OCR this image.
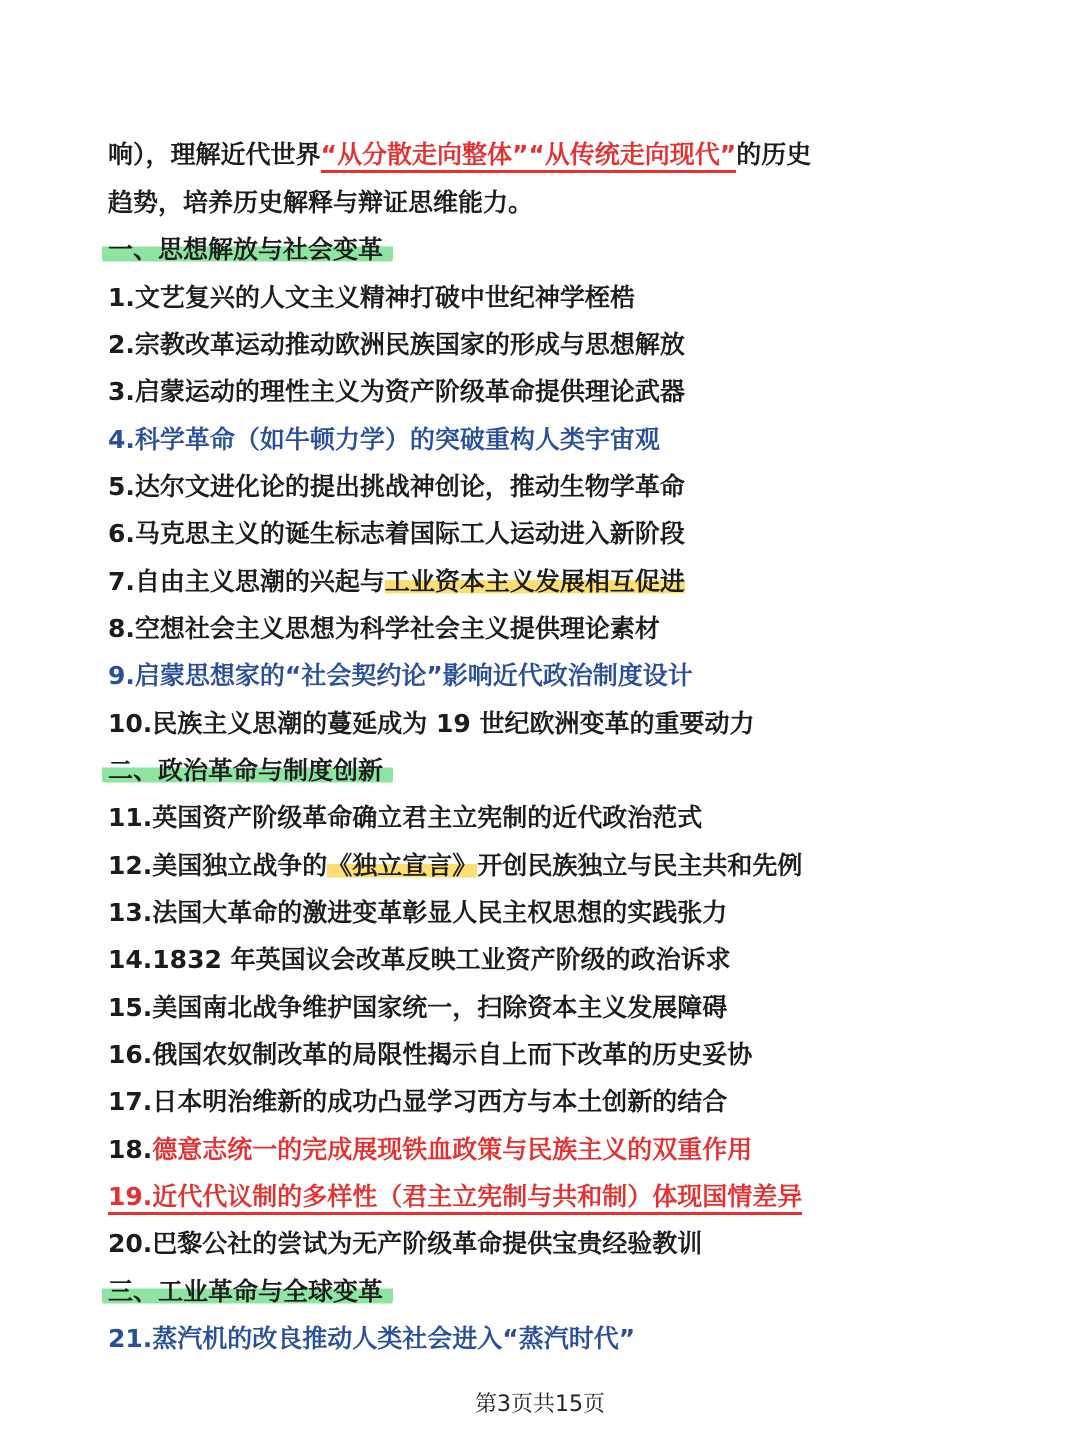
响），理解近代世界“从分散走向整体”“从传统走向现代”的历史
趋势，培养历史解释与辩证思维能力。
一、思想解放与社会变革
1.文艺复兴的人文主义精神打破中世纪神学桎梏
2.宗教改革运动推动欧洲民族国家的形成与思想解放
3.启蒙运动的理性主义为资产阶级革命提供理论武器
4.科学革命（如牛顿力学）的突破重构人类宇宙观
5.达尔文进化论的提出挑战神创论，推动生物学革命
6.马克思主义的诞生标志着国际工人运动进入新阶段
7.自由主义思潮的兴起与工业资本主义发展相互促进
8.空想社会主义思想为科学社会主义提供理论素材
9.启蒙思想家的“社会契约论”影响近代政治制度设计
10.民族主义思潮的蔓延成为 19 世纪欧洲变革的重要动力
二、政治革命与制度创新
11.英国资产阶级革命确立君主立宪制的近代政治范式
12.美国独立战争的《独立宣言》开创民族独立与民主共和先例
13.法国大革命的激进变革彰显人民主权思想的实践张力
14.1832 年英国议会改革反映工业资产阶级的政治诉求
15.美国南北战争维护国家统一，扫除资本主义发展障碍
16.俄国农奴制改革的局限性揭示自上而下改革的历史妥协
17.日本明治维新的成功凸显学习西方与本土创新的结合
18.德意志统一的完成展现铁血政策与民族主义的双重作用
19.近代代议制的多样性（君主立宪制与共和制）体现国情差异
20.巴黎公社的尝试为无产阶级革命提供宝贵经验教训
三、工业革命与全球变革
21.蒸汽机的改良推动人类社会进入“蒸汽时代”
第3页共15页
